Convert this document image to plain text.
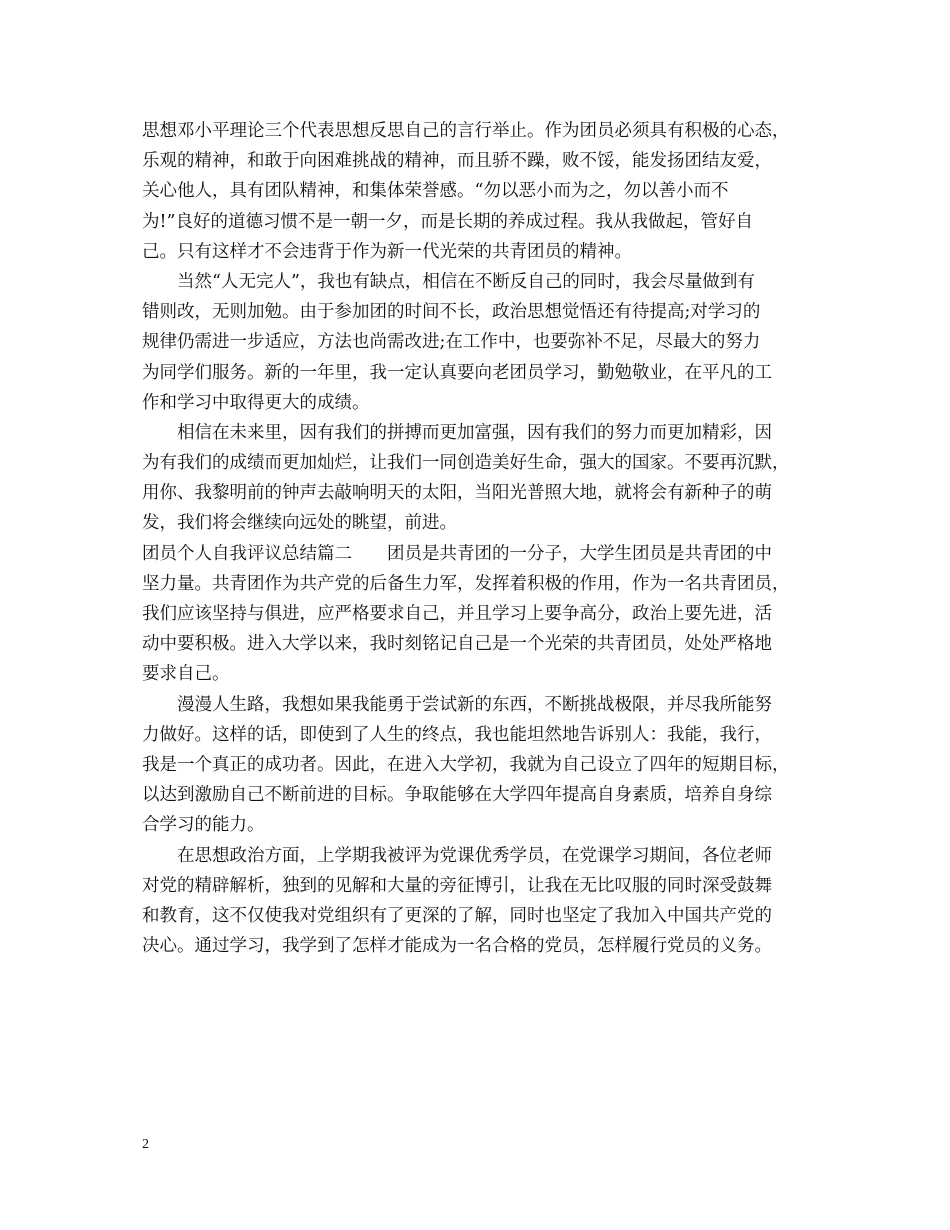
思想邓小平理论三个代表思想反思自己的言行举止。作为团员必须具有积极的心态，
乐观的精神，和敢于向困难挑战的精神，而且骄不躁，败不馁，能发扬团结友爱，
关心他人，具有团队精神，和集体荣誉感。“勿以恶小而为之，勿以善小而不
为!”良好的道德习惯不是一朝一夕，而是长期的养成过程。我从我做起，管好自
己。只有这样才不会违背于作为新一代光荣的共青团员的精神。
　　当然“人无完人”，我也有缺点，相信在不断反自己的同时，我会尽量做到有
错则改，无则加勉。由于参加团的时间不长，政治思想觉悟还有待提高;对学习的
规律仍需进一步适应，方法也尚需改进;在工作中，也要弥补不足，尽最大的努力
为同学们服务。新的一年里，我一定认真要向老团员学习，勤勉敬业，在平凡的工
作和学习中取得更大的成绩。
　　相信在未来里，因有我们的拼搏而更加富强，因有我们的努力而更加精彩，因
为有我们的成绩而更加灿烂，让我们一同创造美好生命，强大的国家。不要再沉默，
用你、我黎明前的钟声去敲响明天的太阳，当阳光普照大地，就将会有新种子的萌
发，我们将会继续向远处的眺望，前进。
团员个人自我评议总结篇二　　团员是共青团的一分子，大学生团员是共青团的中
坚力量。共青团作为共产党的后备生力军，发挥着积极的作用，作为一名共青团员，
我们应该坚持与俱进，应严格要求自己，并且学习上要争高分，政治上要先进，活
动中要积极。进入大学以来，我时刻铭记自己是一个光荣的共青团员，处处严格地
要求自己。
　　漫漫人生路，我想如果我能勇于尝试新的东西，不断挑战极限，并尽我所能努
力做好。这样的话，即使到了人生的终点，我也能坦然地告诉别人：我能，我行，
我是一个真正的成功者。因此，在进入大学初，我就为自己设立了四年的短期目标，
以达到激励自己不断前进的目标。争取能够在大学四年提高自身素质，培养自身综
合学习的能力。
　　在思想政治方面，上学期我被评为党课优秀学员，在党课学习期间，各位老师
对党的精辟解析，独到的见解和大量的旁征博引，让我在无比叹服的同时深受鼓舞
和教育，这不仅使我对党组织有了更深的了解，同时也坚定了我加入中国共产党的
决心。通过学习，我学到了怎样才能成为一名合格的党员，怎样履行党员的义务。
2
